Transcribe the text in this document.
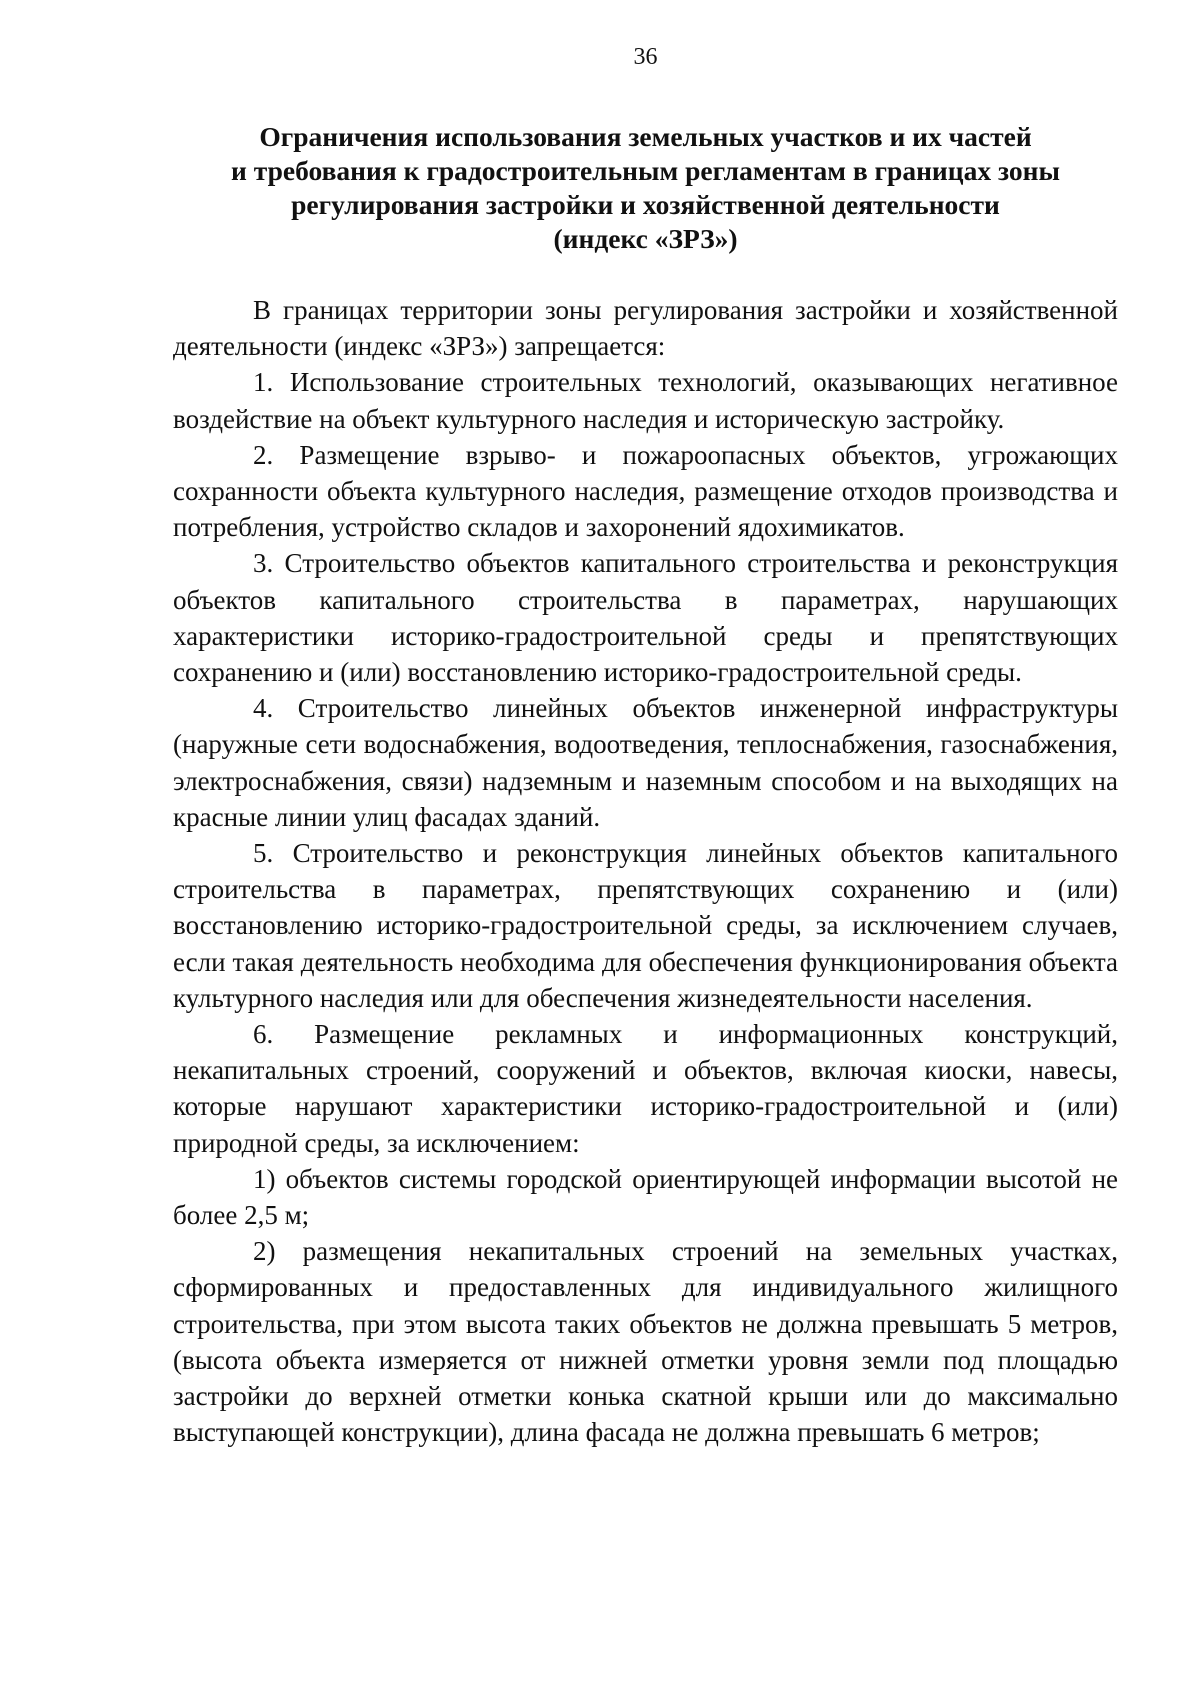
36
Ограничения использования земельных участков и их частей
и требования к градостроительным регламентам в границах зоны
регулирования застройки и хозяйственной деятельности
(индекс «ЗРЗ»)

В границах территории зоны регулирования застройки и хозяйственной деятельности (индекс «ЗРЗ») запрещается:

1. Использование строительных технологий, оказывающих негативное воздействие на объект культурного наследия и историческую застройку.

2. Размещение взрыво- и пожароопасных объектов, угрожающих сохранности объекта культурного наследия, размещение отходов производства и потребления, устройство складов и захоронений ядохимикатов.

3. Строительство объектов капитального строительства и реконструкция объектов капитального строительства в параметрах, нарушающих характеристики историко-градостроительной среды и препятствующих сохранению и (или) восстановлению историко-градостроительной среды.

4. Строительство линейных объектов инженерной инфраструктуры (наружные сети водоснабжения, водоотведения, теплоснабжения, газоснабжения, электроснабжения, связи) надземным и наземным способом и на выходящих на красные линии улиц фасадах зданий.

5. Строительство и реконструкция линейных объектов капитального строительства в параметрах, препятствующих сохранению и (или) восстановлению историко-градостроительной среды, за исключением случаев, если такая деятельность необходима для обеспечения функционирования объекта культурного наследия или для обеспечения жизнедеятельности населения.

6. Размещение рекламных и информационных конструкций, некапитальных строений, сооружений и объектов, включая киоски, навесы, которые нарушают характеристики историко-градостроительной и (или) природной среды, за исключением:

1) объектов системы городской ориентирующей информации высотой не более 2,5 м;

2) размещения некапитальных строений на земельных участках, сформированных и предоставленных для индивидуального жилищного строительства, при этом высота таких объектов не должна превышать 5 метров, (высота объекта измеряется от нижней отметки уровня земли под площадью застройки до верхней отметки конька скатной крыши или до максимально выступающей конструкции), длина фасада не должна превышать 6 метров;
